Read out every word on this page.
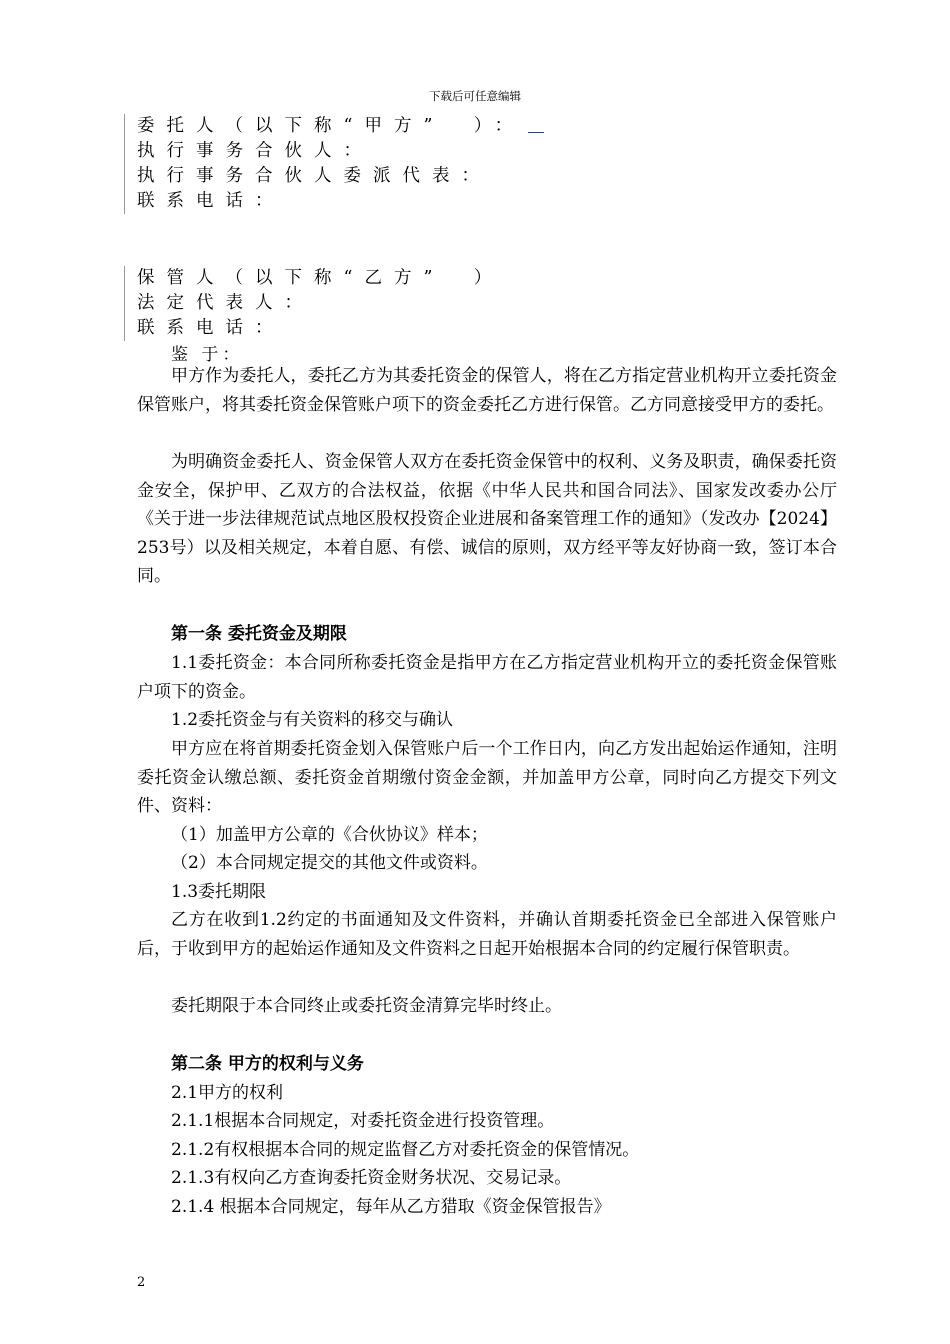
下载后可任意编辑
委托人（以下称“甲方”　）：
执行事务合伙人：
执行事务合伙人委派代表：
联系电话：
保管人（以下称“乙方”　）
法定代表人：
联系电话：
鉴 于：
甲方作为委托人，委托乙方为其委托资金的保管人，将在乙方指定营业机构开立委托资金保管账户，将其委托资金保管账户项下的资金委托乙方进行保管。乙方同意接受甲方的委托。
为明确资金委托人、资金保管人双方在委托资金保管中的权利、义务及职责，确保委托资金安全，保护甲、乙双方的合法权益，依据《中华人民共和国合同法》、国家发改委办公厅《关于进一步法律规范试点地区股权投资企业进展和备案管理工作的通知》（发改办【2024】253号）以及相关规定，本着自愿、有偿、诚信的原则，双方经平等友好协商一致，签订本合同。
第一条 委托资金及期限
1.1委托资金：本合同所称委托资金是指甲方在乙方指定营业机构开立的委托资金保管账户项下的资金。
1.2委托资金与有关资料的移交与确认
甲方应在将首期委托资金划入保管账户后一个工作日内，向乙方发出起始运作通知，注明委托资金认缴总额、委托资金首期缴付资金金额，并加盖甲方公章，同时向乙方提交下列文件、资料：
（1）加盖甲方公章的《合伙协议》样本；
（2）本合同规定提交的其他文件或资料。
1.3委托期限
乙方在收到1.2约定的书面通知及文件资料，并确认首期委托资金已全部进入保管账户后，于收到甲方的起始运作通知及文件资料之日起开始根据本合同的约定履行保管职责。
委托期限于本合同终止或委托资金清算完毕时终止。
第二条 甲方的权利与义务
2.1甲方的权利
2.1.1根据本合同规定，对委托资金进行投资管理。
2.1.2有权根据本合同的规定监督乙方对委托资金的保管情况。
2.1.3有权向乙方查询委托资金财务状况、交易记录。
2.1.4 根据本合同规定，每年从乙方猎取《资金保管报告》
2
